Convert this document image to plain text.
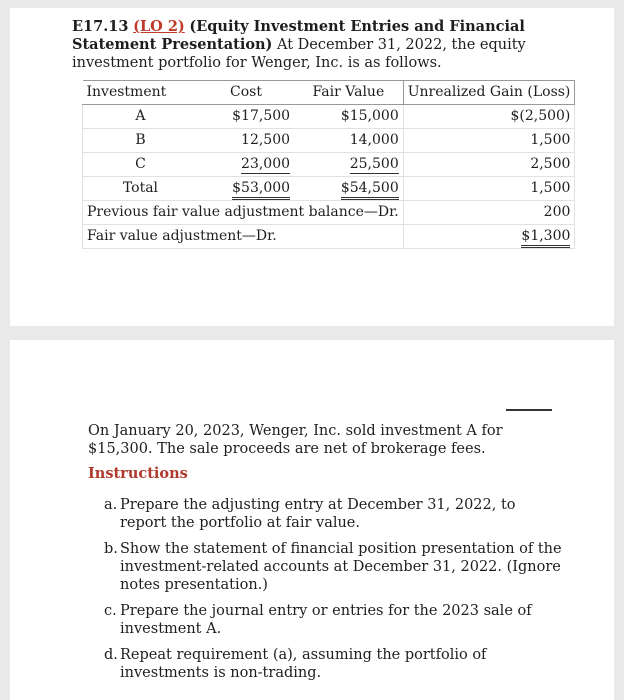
E17.13 (LO 2) (Equity Investment Entries and Financial Statement Presentation) At December 31, 2022, the equity investment portfolio for Wenger, Inc. is as follows.
Investment	Cost	Fair Value	Unrealized Gain (Loss)
A	$17,500	$15,000	$(2,500)
B	12,500	14,000	1,500
C	23,000	25,500	2,500
Total	$53,000	$54,500	1,500
Previous fair value adjustment balance—Dr.			200
Fair value adjustment—Dr.			$1,300
On January 20, 2023, Wenger, Inc. sold investment A for $15,300. The sale proceeds are net of brokerage fees.
Instructions
a. Prepare the adjusting entry at December 31, 2022, to report the portfolio at fair value.
b. Show the statement of financial position presentation of the investment-related accounts at December 31, 2022. (Ignore notes presentation.)
c. Prepare the journal entry or entries for the 2023 sale of investment A.
d. Repeat requirement (a), assuming the portfolio of investments is non-trading.
